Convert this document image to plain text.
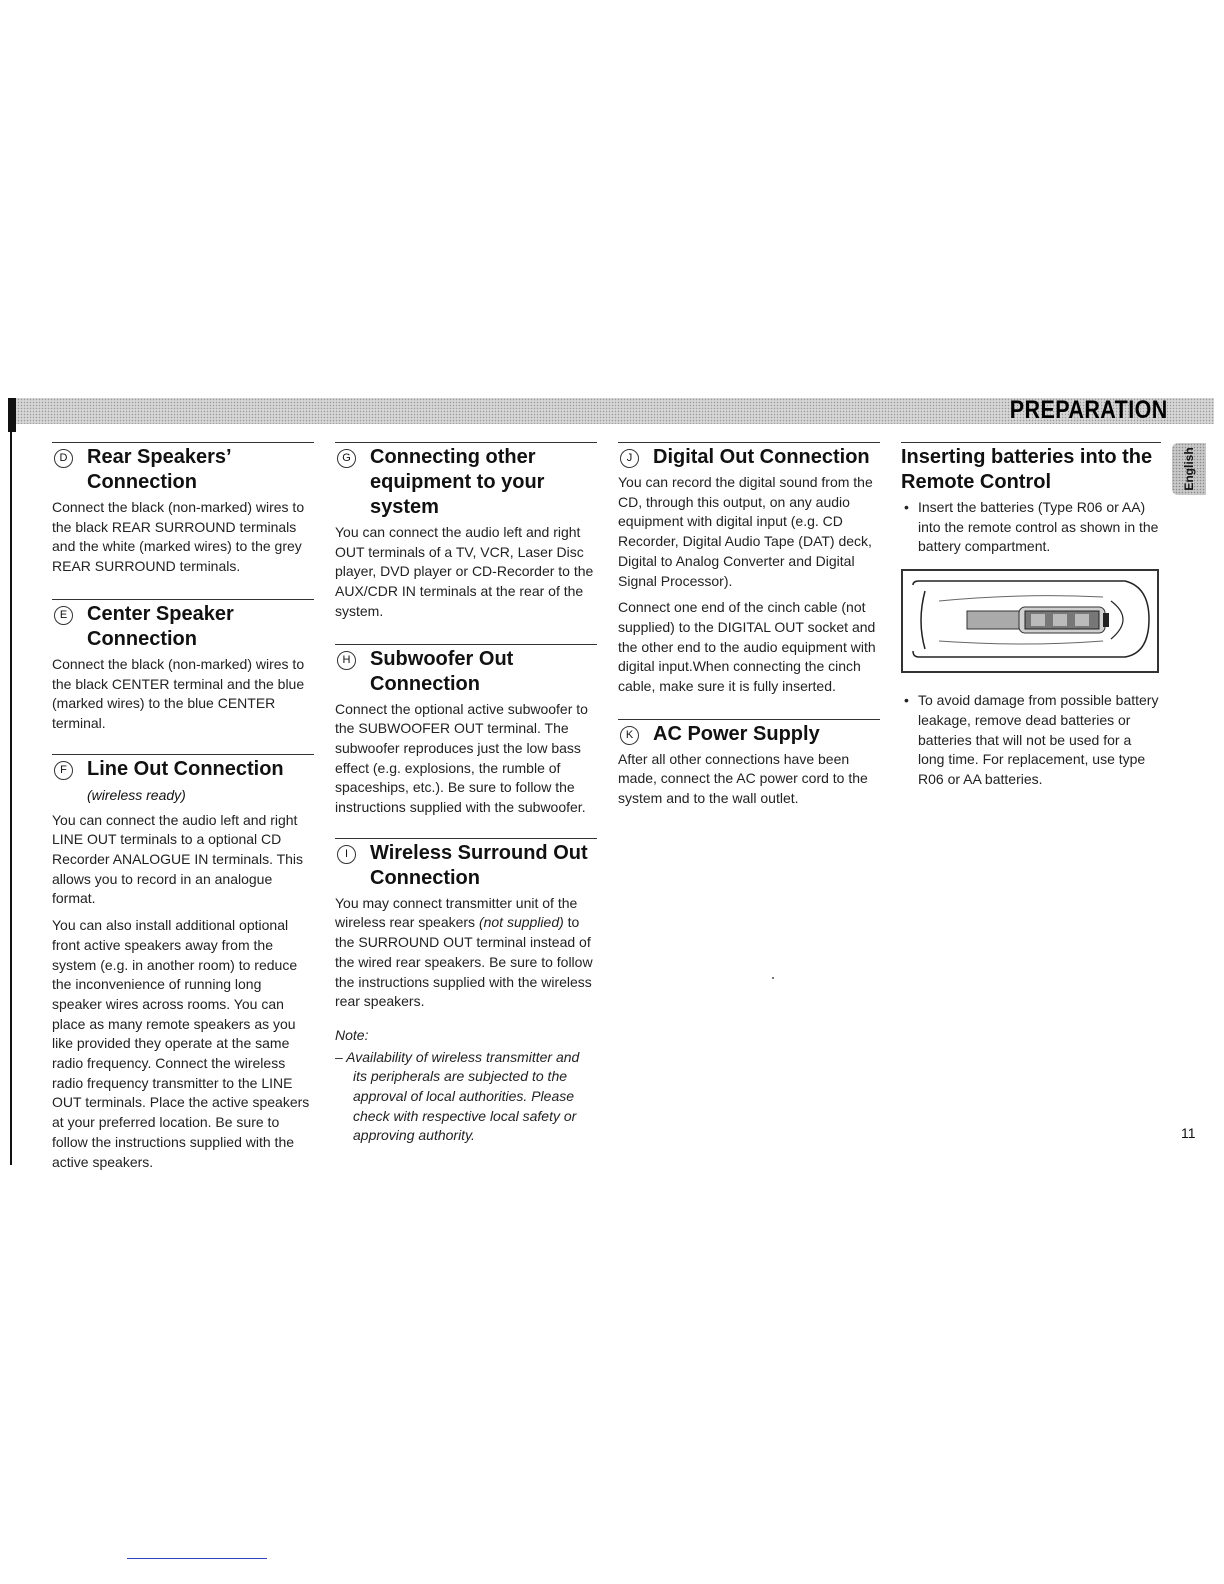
PREPARATION
English
D Rear Speakers’ Connection

Connect the black (non-marked) wires to the black REAR SURROUND terminals and the white (marked wires) to the grey REAR SURROUND terminals.

E Center Speaker Connection

Connect the black (non-marked) wires to the black CENTER terminal and the blue (marked wires) to the blue CENTER terminal.

F	Line Out Connection (wireless ready)

You can connect the audio left and right LINE OUT terminals to a optional CD Recorder ANALOGUE IN terminals. This allows you to record in an analogue format.

You can also install additional optional front active speakers away from the system (e.g. in another room) to reduce the inconvenience of running long speaker wires across rooms. You can place as many remote speakers as you like provided they operate at the same radio frequency. Connect the wireless radio frequency transmitter to the LINE OUT terminals. Place the active speakers at your preferred location. Be sure to follow the instructions supplied with the active speakers.

G Connecting other equipment to your system

You can connect the audio left and right OUT terminals of a TV, VCR, Laser Disc player, DVD player or CD-Recorder to the AUX/CDR IN terminals at the rear of the system.

H Subwoofer Out Connection

Connect the optional active subwoofer to the SUBWOOFER OUT terminal. The subwoofer reproduces just the low bass effect (e.g. explosions, the rumble of spaceships, etc.). Be sure to follow the instructions supplied with the subwoofer.

I	Wireless Surround Out Connection

You may connect transmitter unit of the wireless rear speakers (not supplied) to the SURROUND OUT terminal instead of the wired rear speakers. Be sure to follow the instructions supplied with the wireless rear speakers.

Note:

– Availability of wireless transmitter and its peripherals are subjected to the approval of local authorities. Please check with respective local safety or approving authority.

J	Digital Out Connection

You can record the digital sound from the CD, through this output, on any audio equipment with digital input (e.g. CD Recorder, Digital Audio Tape (DAT) deck, Digital to Analog Converter and Digital Signal Processor).

Connect one end of the cinch cable (not supplied) to the DIGITAL OUT socket and the other end to the audio equipment with digital input.When connecting the cinch cable, make sure it is fully inserted.

K AC Power Supply

After all other connections have been made, connect the AC power cord to the system and to the wall outlet.

Inserting batteries into the Remote Control
• Insert the batteries (Type R06 or AA) into the remote control as shown in the battery compartment.
• To avoid damage from possible battery leakage, remove dead batteries or batteries that will not be used for a long time. For replacement, use type R06 or AA batteries.

11
